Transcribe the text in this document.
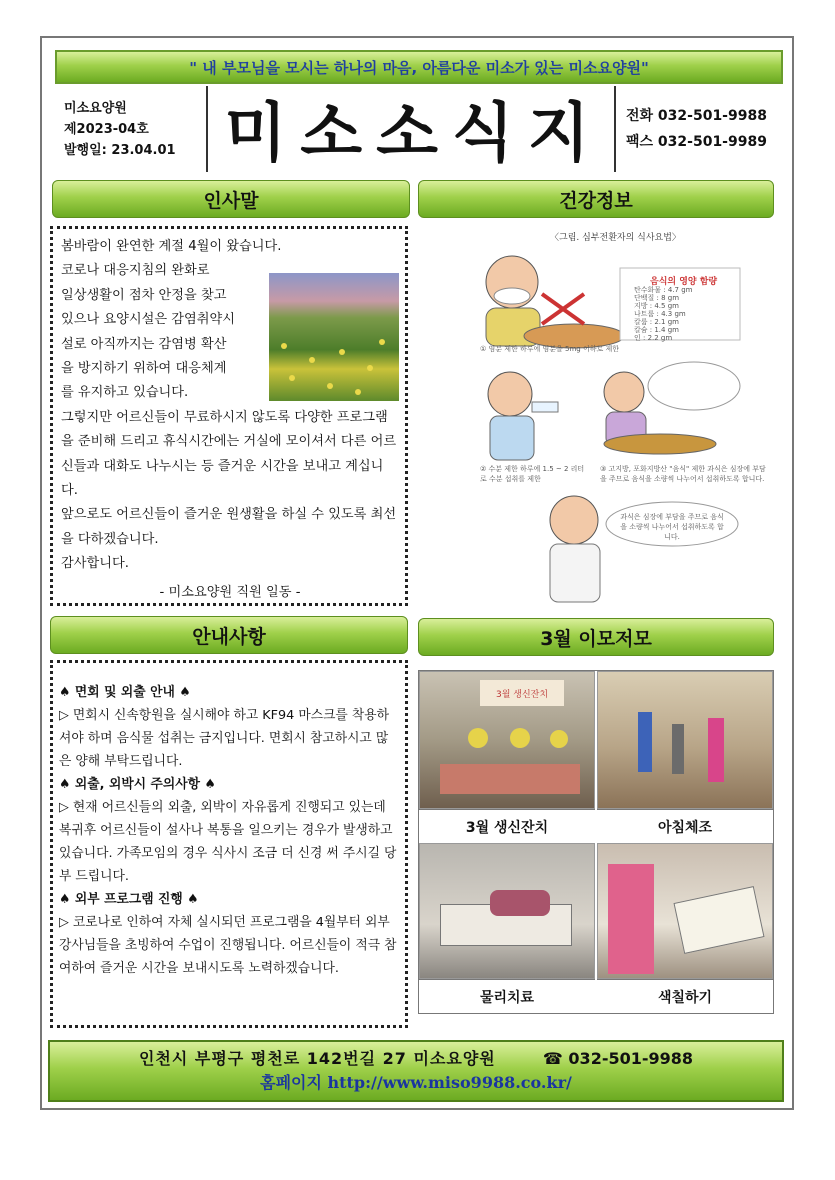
" 내 부모님을 모시는 하나의 마음, 아름다운 미소가 있는 미소요양원"
미소요양원
제2023-04호
발행일: 23.04.01 미소소식지	전화 032-501-9988
팩스 032-501-9989
인사말

봄바람이 완연한 계절 4월이 왔습니다.

코로나 대응지침의 완화로

일상생활이 점차 안정을 찾고

있으나 요양시설은 감염취약시

설로 아직까지는 감염병 확산

을 방지하기 위하여 대응체계

를 유지하고 있습니다.

그렇지만 어르신들이 무료하시지 않도록 다양한 프로그램을 준비해 드리고 휴식시간에는 거실에 모이셔서 다른 어르신들과 대화도 나누시는 등 즐거운 시간을 보내고 계십니다.

앞으로도 어르신들이 즐거운 원생활을 하실 수 있도록 최선을 다하겠습니다.

감사합니다.

- 미소요양원 직원 일동 -

건강정보
〈그림. 심부전환자의 식사요법〉
음식의 영양 함량
탄수화물 : 4.7 gm
단백질 : 8 gm
지방 : 4.5 gm
나트륨 : 4.3 gm
칼륨 : 2.1 gm
칼슘 : 1.4 gm
인 : 2.2 gm
① 염분 제한 하루에 염분을 5mg 이하로 제한
② 수분 제한 하루에 1.5 ~ 2 리터로 수분 섭취를 제한
③ 고지방, 포화지방산 "음식" 제한 과식은 심장에 부담을 주므로 음식을 소량씩 나누어서 섭취하도록 합니다.
과식은 심장에 부담을 주므로 음식을 소량씩 나누어서 섭취하도록 합니다.
안내사항

♠ 면회 및 외출 안내 ♠

▷ 면회시 신속항원을 실시해야 하고 KF94 마스크를 착용하셔야 하며 음식물 섭취는 금지입니다. 면회시 참고하시고 많은 양해 부탁드립니다.

♠ 외출, 외박시 주의사항 ♠

▷ 현재 어르신들의 외출, 외박이 자유롭게 진행되고 있는데 복귀후 어르신들이 설사나 복통을 일으키는 경우가 발생하고 있습니다. 가족모임의 경우 식사시 조금 더 신경 써 주시길 당부 드립니다.

♠ 외부 프로그램 진행 ♠

▷ 코로나로 인하여 자체 실시되던 프로그램을 4월부터 외부 강사님들을 초빙하여 수업이 진행됩니다. 어르신들이 적극 참여하여 즐거운 시간을 보내시도록 노력하겠습니다.

3월 이모저모
3월 생신잔치
3월 생신잔치	아침체조
물리치료	색칠하기
인천시 부평구 평천로 142번길 27 미소요양원	☎ 032-501-9988
홈페이지 http://www.miso9988.co.kr/
